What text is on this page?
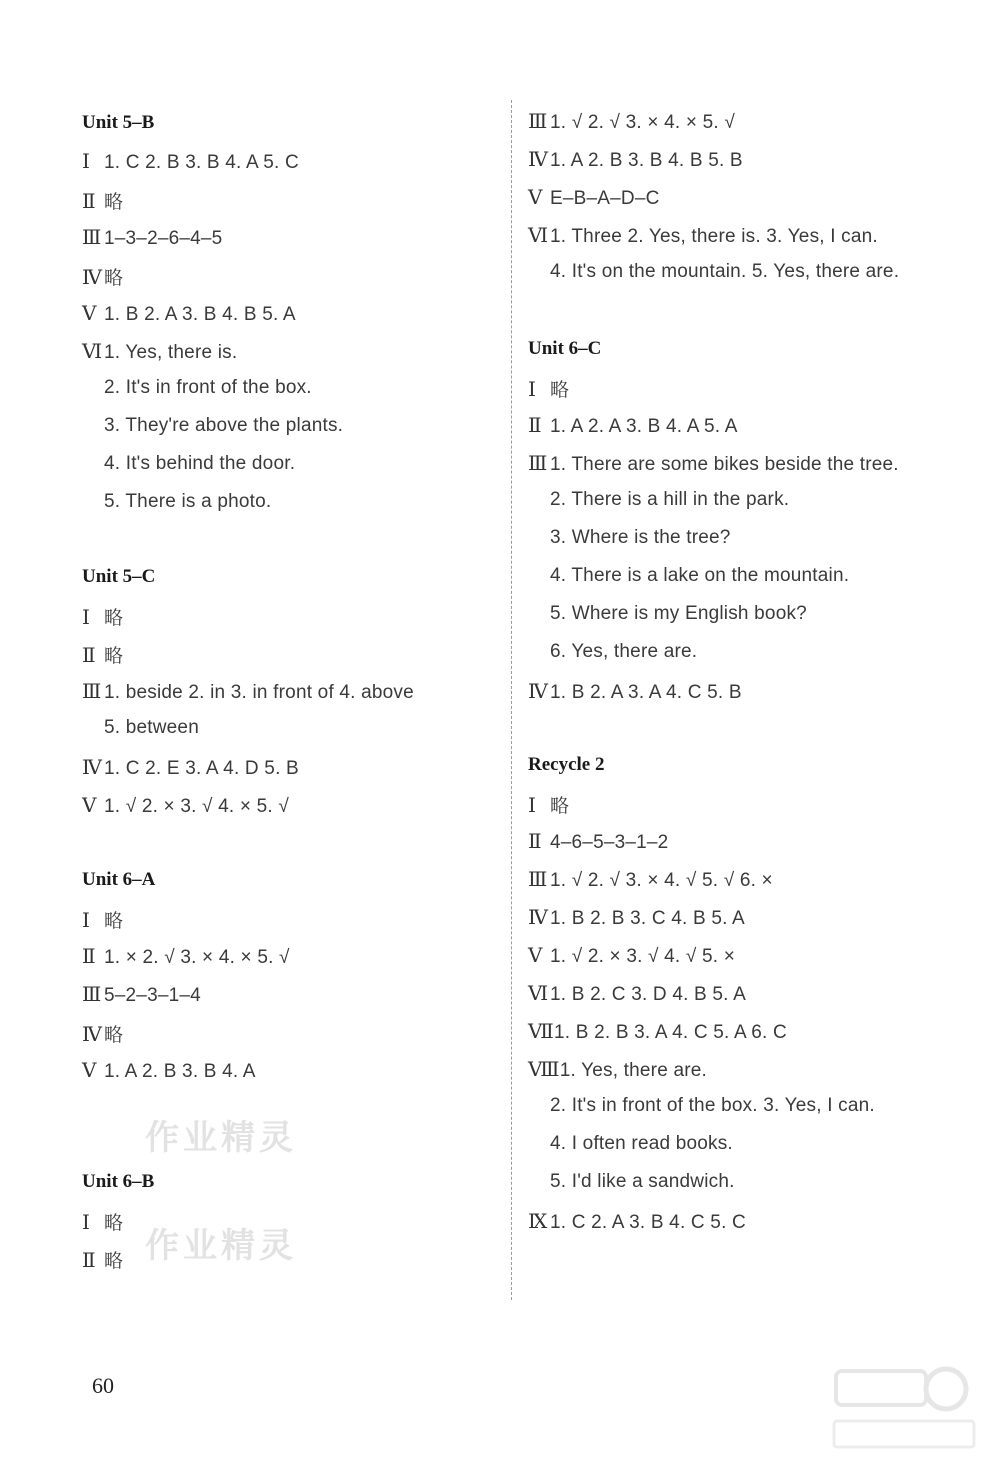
Unit 5–B
Ⅰ 1. C 2. B 3. B 4. A 5. C
Ⅱ 略
Ⅲ 1–3–2–6–4–5
Ⅳ略
Ⅴ 1. B 2. A 3. B 4. B 5. A
Ⅵ1. Yes, there is.
2. It's in front of the box.
3. They're above the plants.
4. It's behind the door.
5. There is a photo.
Unit 5–C
Ⅰ 略
Ⅱ 略
Ⅲ 1. beside 2. in 3. in front of 4. above
5. between
Ⅳ1. C 2. E 3. A 4. D 5. B
Ⅴ 1. √ 2. × 3. √ 4. × 5. √
Unit 6–A
Ⅰ 略
Ⅱ 1. × 2. √ 3. × 4. × 5. √
Ⅲ 5–2–3–1–4
Ⅳ略
Ⅴ 1. A 2. B 3. B 4. A
Unit 6–B
Ⅰ 略
Ⅱ 略
Ⅲ 1. √ 2. √ 3. × 4. × 5. √
Ⅳ1. A 2. B 3. B 4. B 5. B
Ⅴ E–B–A–D–C
Ⅵ1. Three 2. Yes, there is. 3. Yes, I can.
4. It's on the mountain. 5. Yes, there are.
Unit 6–C
Ⅰ 略
Ⅱ 1. A 2. A 3. B 4. A 5. A
Ⅲ 1. There are some bikes beside the tree.
2. There is a hill in the park.
3. Where is the tree?
4. There is a lake on the mountain.
5. Where is my English book?
6. Yes, there are.
Ⅳ1. B 2. A 3. A 4. C 5. B
Recycle 2
Ⅰ 略
Ⅱ 4–6–5–3–1–2
Ⅲ 1. √ 2. √ 3. × 4. √ 5. √ 6. ×
Ⅳ1. B 2. B 3. C 4. B 5. A
Ⅴ 1. √ 2. × 3. √ 4. √ 5. ×
Ⅵ1. B 2. C 3. D 4. B 5. A
Ⅶ1. B 2. B 3. A 4. C 5. A 6. C
Ⅷ1. Yes, there are.
2. It's in front of the box. 3. Yes, I can.
4. I often read books.
5. I'd like a sandwich.
Ⅸ 1. C 2. A 3. B 4. C 5. C
作业精灵
作业精灵
60
